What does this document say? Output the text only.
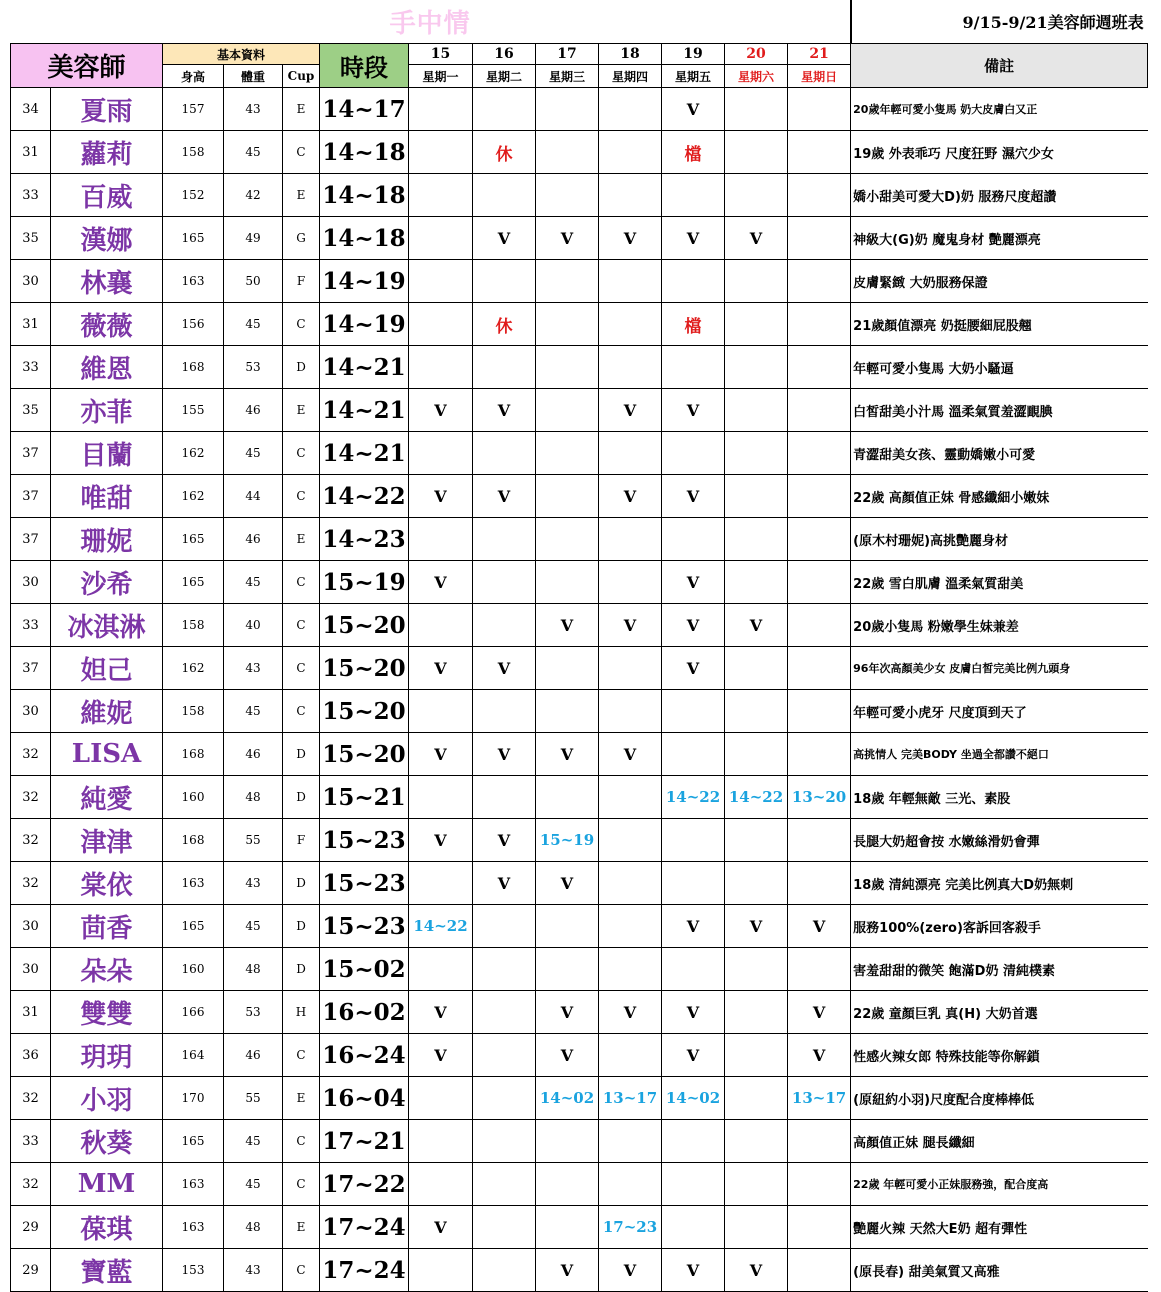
手中情													9/15-9/21美容師週班表
美容師		基本資料			時段	15	16	17	18	19	20	21	備註
		身高	體重	Cup		星期一	星期二	星期三	星期四	星期五	星期六	星期日	
34	夏雨	157	43	E	14~17					V			20歲年輕可愛小隻馬 奶大皮膚白又正
31	蘿莉	158	45	C	14~18		休			檔			19歲 外表乖巧 尺度狂野 濕穴少女
33	百威	152	42	E	14~18								嬌小甜美可愛大D)奶 服務尺度超讚
35	漢娜	165	49	G	14~18		V	V	V	V	V		神級大(G)奶 魔鬼身材 艷麗漂亮
30	林襄	163	50	F	14~19								皮膚緊緻 大奶服務保證
31	薇薇	156	45	C	14~19		休			檔			21歲顏值漂亮 奶挺腰細屁股翹
33	維恩	168	53	D	14~21								年輕可愛小隻馬 大奶小騷逼
35	亦菲	155	46	E	14~21	V	V		V	V			白皙甜美小汁馬 溫柔氣質羞澀靦腆
37	目蘭	162	45	C	14~21								青澀甜美女孩、靈動嬌嫩小可愛
37	唯甜	162	44	C	14~22	V	V		V	V			22歲 高顏值正妹 骨感纖細小嫩妹
37	珊妮	165	46	E	14~23								(原木村珊妮)高挑艷麗身材
30	沙希	165	45	C	15~19	V				V			22歲 雪白肌膚 溫柔氣質甜美
33	冰淇淋	158	40	C	15~20			V	V	V	V		20歲小隻馬 粉嫩學生妹兼差
37	妲己	162	43	C	15~20	V	V			V			96年次高顏美少女 皮膚白皙完美比例九頭身
30	維妮	158	45	C	15~20								年輕可愛小虎牙 尺度頂到天了
32	LISA	168	46	D	15~20	V	V	V	V				高挑情人 完美BODY 坐過全都讚不絕口
32	純愛	160	48	D	15~21					14~22	14~22	13~20	18歲 年輕無敵 三光、素股
32	津津	168	55	F	15~23	V	V	15~19					長腿大奶超會按 水嫩絲滑奶會彈
32	棠依	163	43	D	15~23		V	V					18歲 清純漂亮 完美比例真大D奶無刺
30	茴香	165	45	D	15~23	14~22				V	V	V	服務100%(zero)客訴回客殺手
30	朵朵	160	48	D	15~02								害羞甜甜的微笑 飽滿D奶 清純樸素
31	雙雙	166	53	H	16~02	V		V	V	V		V	22歲 童顏巨乳 真(H) 大奶首選
36	玥玥	164	46	C	16~24	V		V		V		V	性感火辣女郎 特殊技能等你解鎖
32	小羽	170	55	E	16~04			14~02	13~17	14~02		13~17	(原紐約小羽)尺度配合度棒棒低
33	秋葵	165	45	C	17~21								高顏值正妹 腿長纖細
32	MM	163	45	C	17~22								22歲 年輕可愛小正妹服務強，配合度高
29	葆琪	163	48	E	17~24	V			17~23				艷麗火辣 天然大E奶 超有彈性
29	寶藍	153	43	C	17~24			V	V	V	V		(原長春) 甜美氣質又高雅
